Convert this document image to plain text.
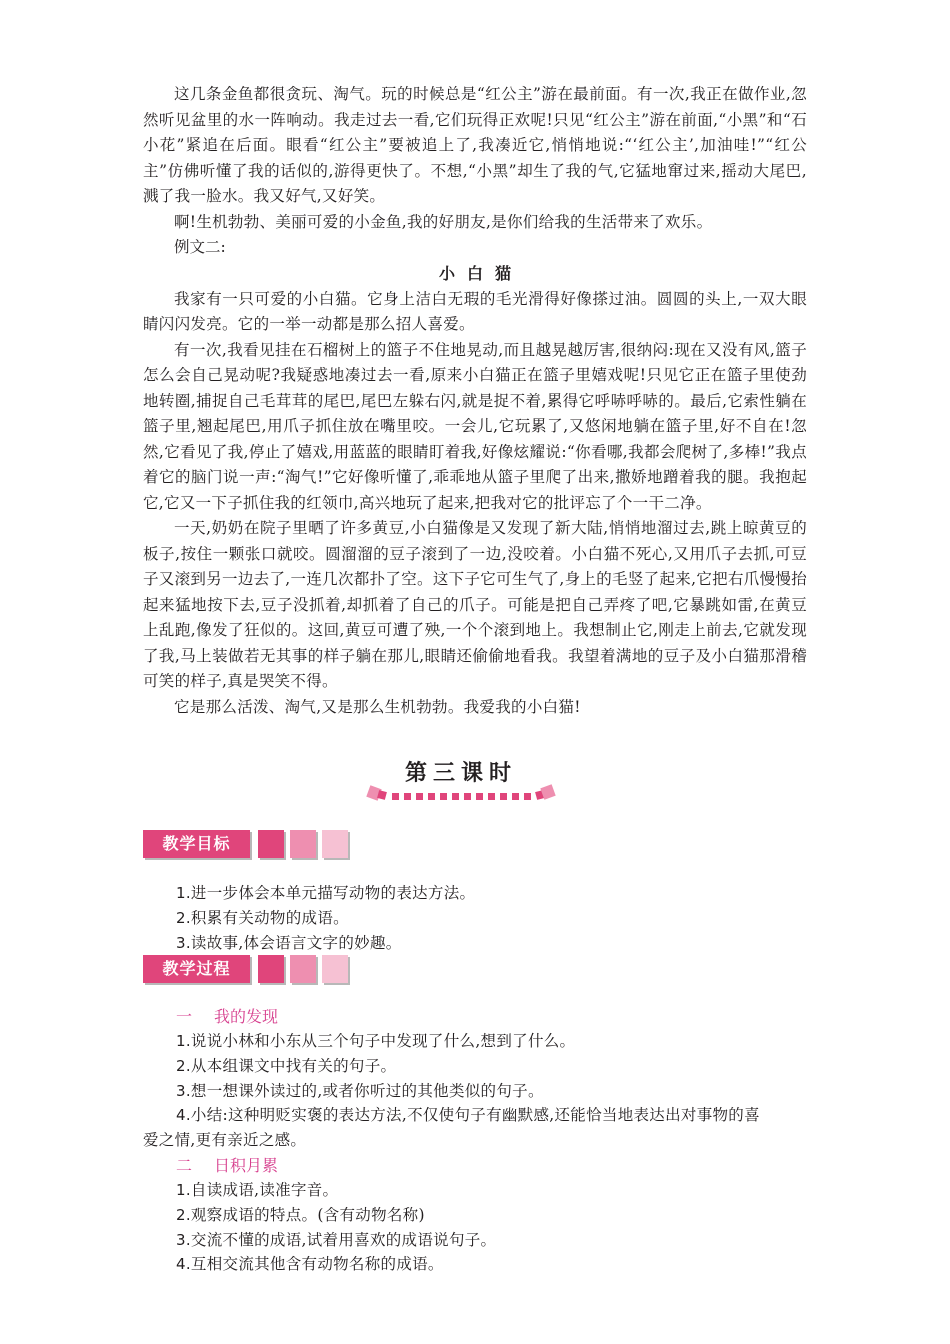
这几条金鱼都很贪玩、淘气。玩的时候总是“红公主”游在最前面。有一次,我正在做作业,忽然听见盆里的水一阵响动。我走过去一看,它们玩得正欢呢!只见“红公主”游在前面,“小黑”和“石小花”紧追在后面。眼看“红公主”要被追上了,我凑近它,悄悄地说:“‘红公主’,加油哇!”“红公主”仿佛听懂了我的话似的,游得更快了。不想,“小黑”却生了我的气,它猛地窜过来,摇动大尾巴,溅了我一脸水。我又好气,又好笑。

啊!生机勃勃、美丽可爱的小金鱼,我的好朋友,是你们给我的生活带来了欢乐。

例文二:

小白猫

我家有一只可爱的小白猫。它身上洁白无瑕的毛光滑得好像搽过油。圆圆的头上,一双大眼睛闪闪发亮。它的一举一动都是那么招人喜爱。

有一次,我看见挂在石榴树上的篮子不住地晃动,而且越晃越厉害,很纳闷:现在又没有风,篮子怎么会自己晃动呢?我疑惑地凑过去一看,原来小白猫正在篮子里嬉戏呢!只见它正在篮子里使劲地转圈,捕捉自己毛茸茸的尾巴,尾巴左躲右闪,就是捉不着,累得它呼哧呼哧的。最后,它索性躺在篮子里,翘起尾巴,用爪子抓住放在嘴里咬。一会儿,它玩累了,又悠闲地躺在篮子里,好不自在!忽然,它看见了我,停止了嬉戏,用蓝蓝的眼睛盯着我,好像炫耀说:“你看哪,我都会爬树了,多棒!”我点着它的脑门说一声:“淘气!”它好像听懂了,乖乖地从篮子里爬了出来,撒娇地蹭着我的腿。我抱起它,它又一下子抓住我的红领巾,高兴地玩了起来,把我对它的批评忘了个一干二净。

一天,奶奶在院子里晒了许多黄豆,小白猫像是又发现了新大陆,悄悄地溜过去,跳上晾黄豆的板子,按住一颗张口就咬。圆溜溜的豆子滚到了一边,没咬着。小白猫不死心,又用爪子去抓,可豆子又滚到另一边去了,一连几次都扑了空。这下子它可生气了,身上的毛竖了起来,它把右爪慢慢抬起来猛地按下去,豆子没抓着,却抓着了自己的爪子。可能是把自己弄疼了吧,它暴跳如雷,在黄豆上乱跑,像发了狂似的。这回,黄豆可遭了殃,一个个滚到地上。我想制止它,刚走上前去,它就发现了我,马上装做若无其事的样子躺在那儿,眼睛还偷偷地看我。我望着满地的豆子及小白猫那滑稽可笑的样子,真是哭笑不得。

它是那么活泼、淘气,又是那么生机勃勃。我爱我的小白猫!

第三课时
教学目标

1.进一步体会本单元描写动物的表达方法。

2.积累有关动物的成语。

3.读故事,体会语言文字的妙趣。

教学过程

一 我的发现

1.说说小林和小东从三个句子中发现了什么,想到了什么。

2.从本组课文中找有关的句子。

3.想一想课外读过的,或者你听过的其他类似的句子。

4.小结:这种明贬实褒的表达方法,不仅使句子有幽默感,还能恰当地表达出对事物的喜

爱之情,更有亲近之感。

二 日积月累

1.自读成语,读准字音。

2.观察成语的特点。(含有动物名称)

3.交流不懂的成语,试着用喜欢的成语说句子。

4.互相交流其他含有动物名称的成语。
